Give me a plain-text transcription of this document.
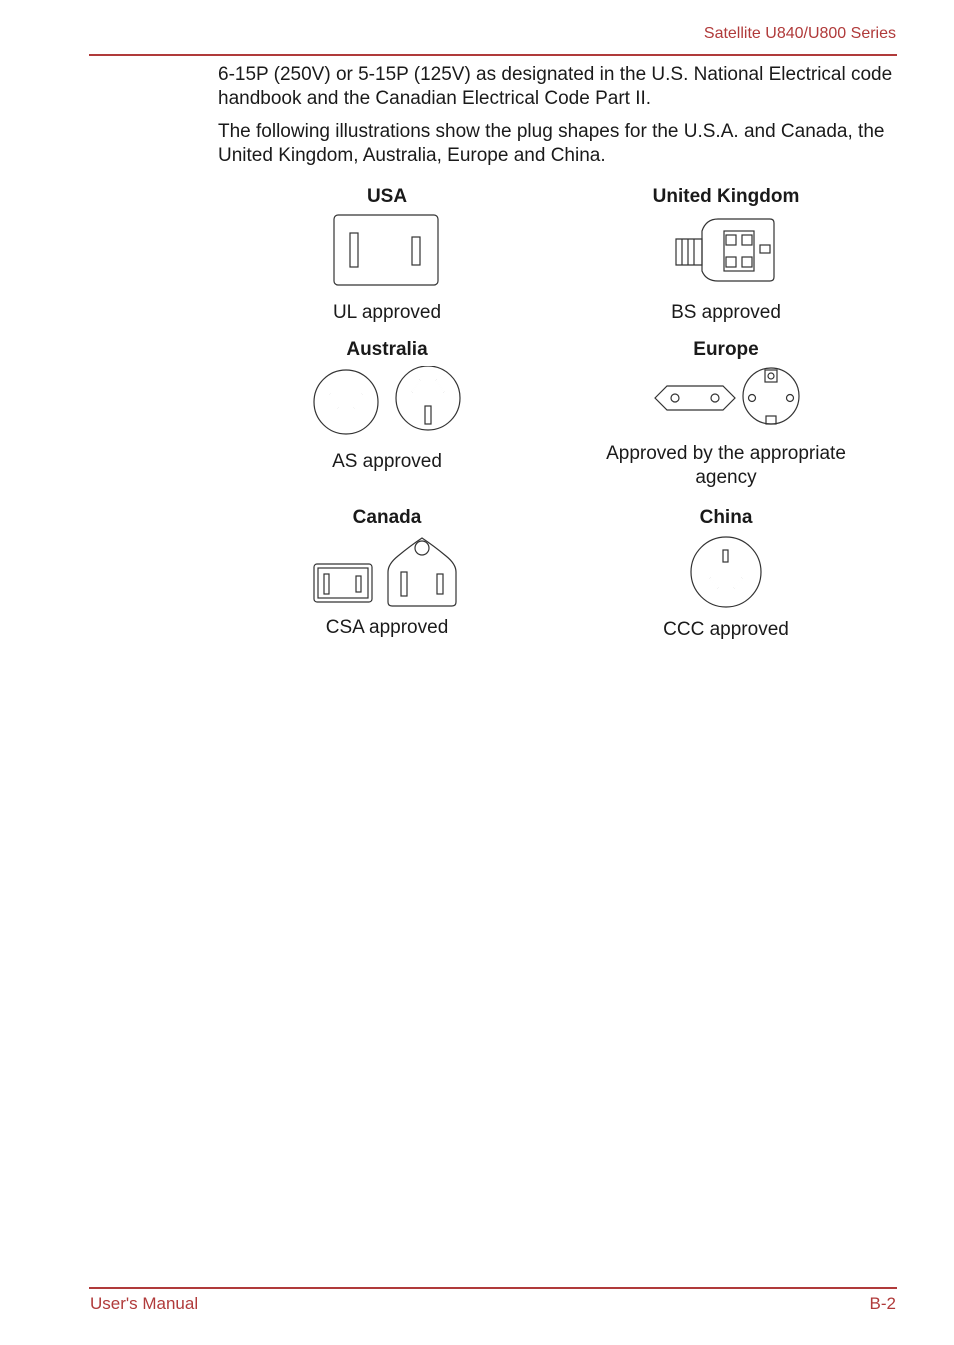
Satellite U840/U800 Series
6-15P (250V) or 5-15P (125V) as designated in the U.S. National Electrical code handbook and the Canadian Electrical Code Part II.
The following illustrations show the plug shapes for the U.S.A. and Canada, the United Kingdom, Australia, Europe and China.
USA
UL approved
United Kingdom
BS approved
Australia
AS approved
Europe
Approved by the appropriate agency
Canada
CSA approved
China
CCC approved
User's Manual	B-2
